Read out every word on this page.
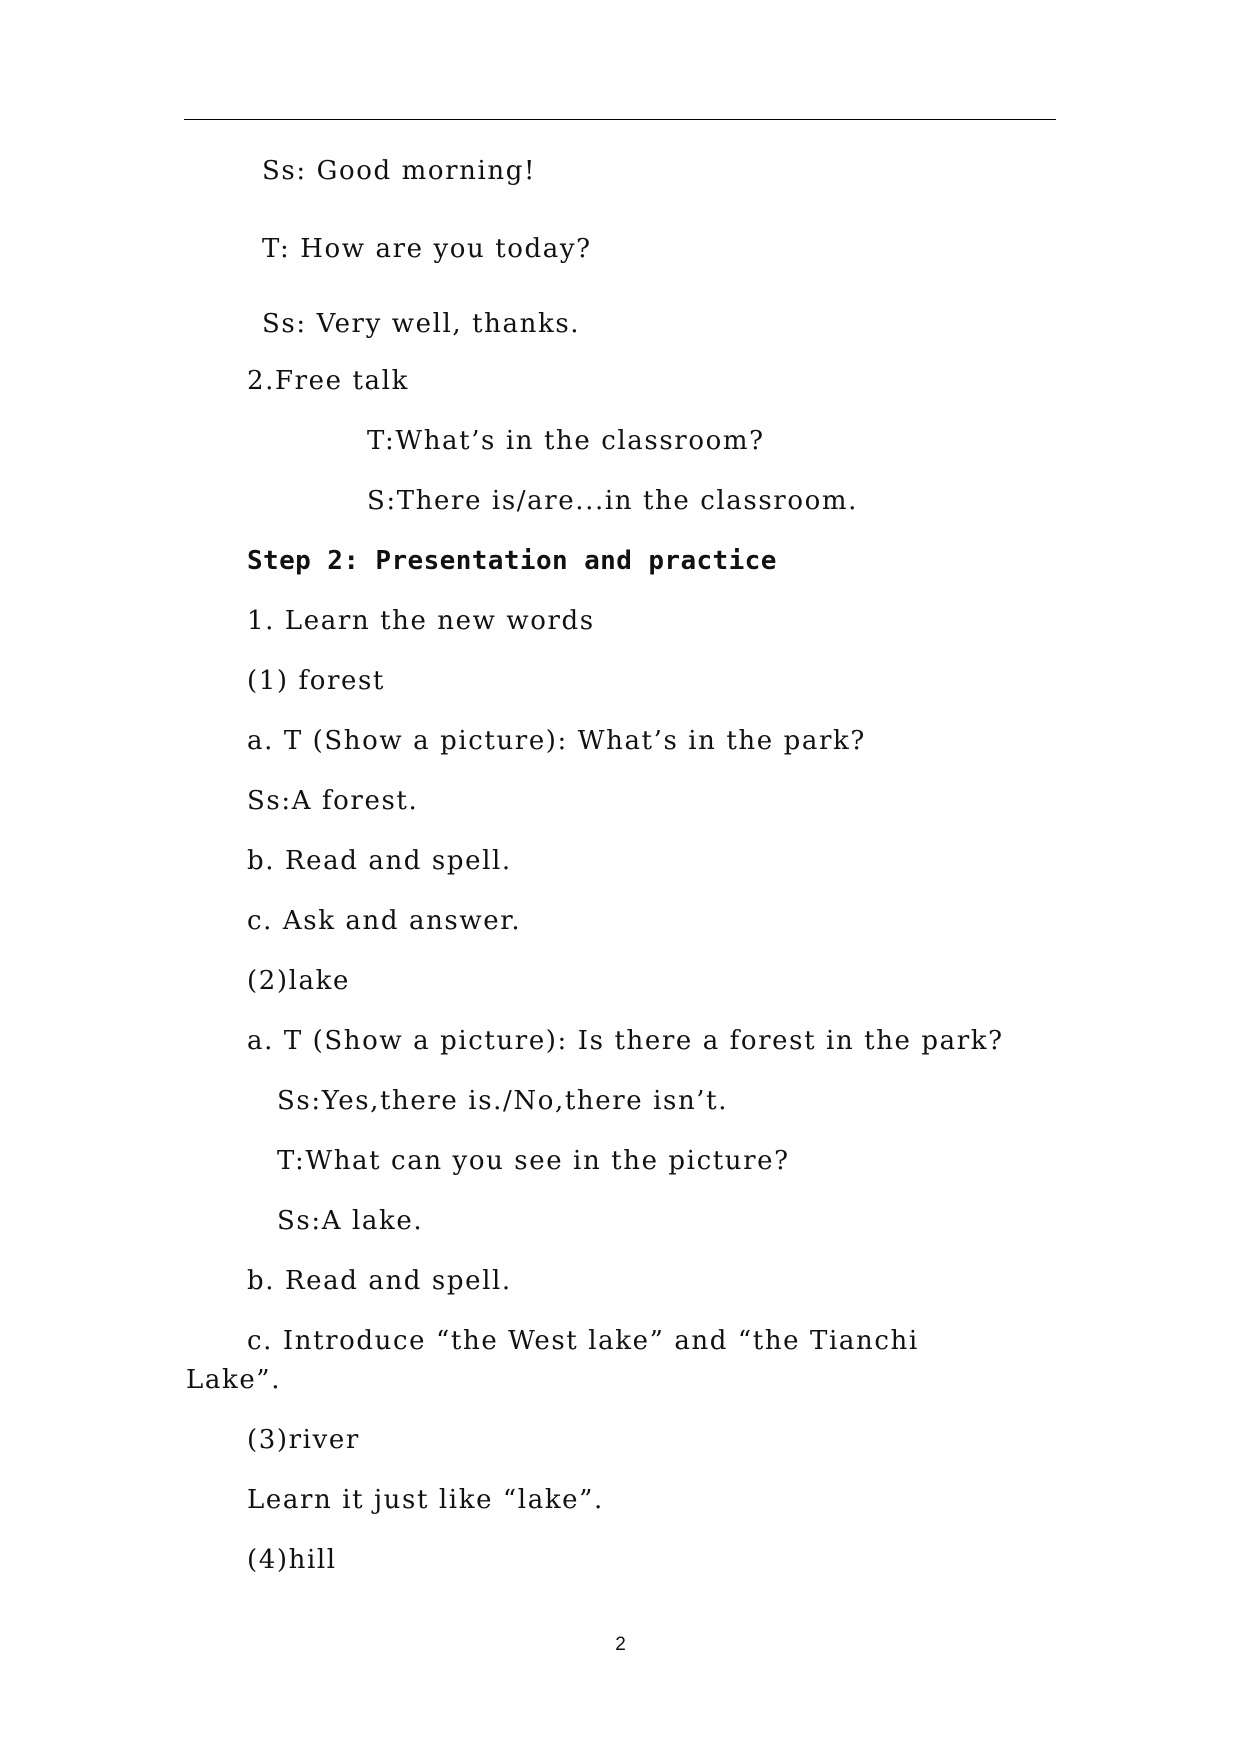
Ss: Good morning!
T: How are you today?
Ss: Very well, thanks.
2.Free talk
T:What’s in the classroom?
S:There is/are...in the classroom.
Step 2: Presentation and practice
1. Learn the new words
(1) forest
a. T (Show a picture): What’s in the park?
Ss:A forest.
b. Read and spell.
c. Ask and answer.
(2)lake
a. T (Show a picture): Is there a forest in the park?
Ss:Yes,there is./No,there isn’t.
T:What can you see in the picture?
Ss:A lake.
b. Read and spell.
c. Introduce “the West lake” and “the Tianchi
Lake”.
(3)river
Learn it just like “lake”.
(4)hill
2
